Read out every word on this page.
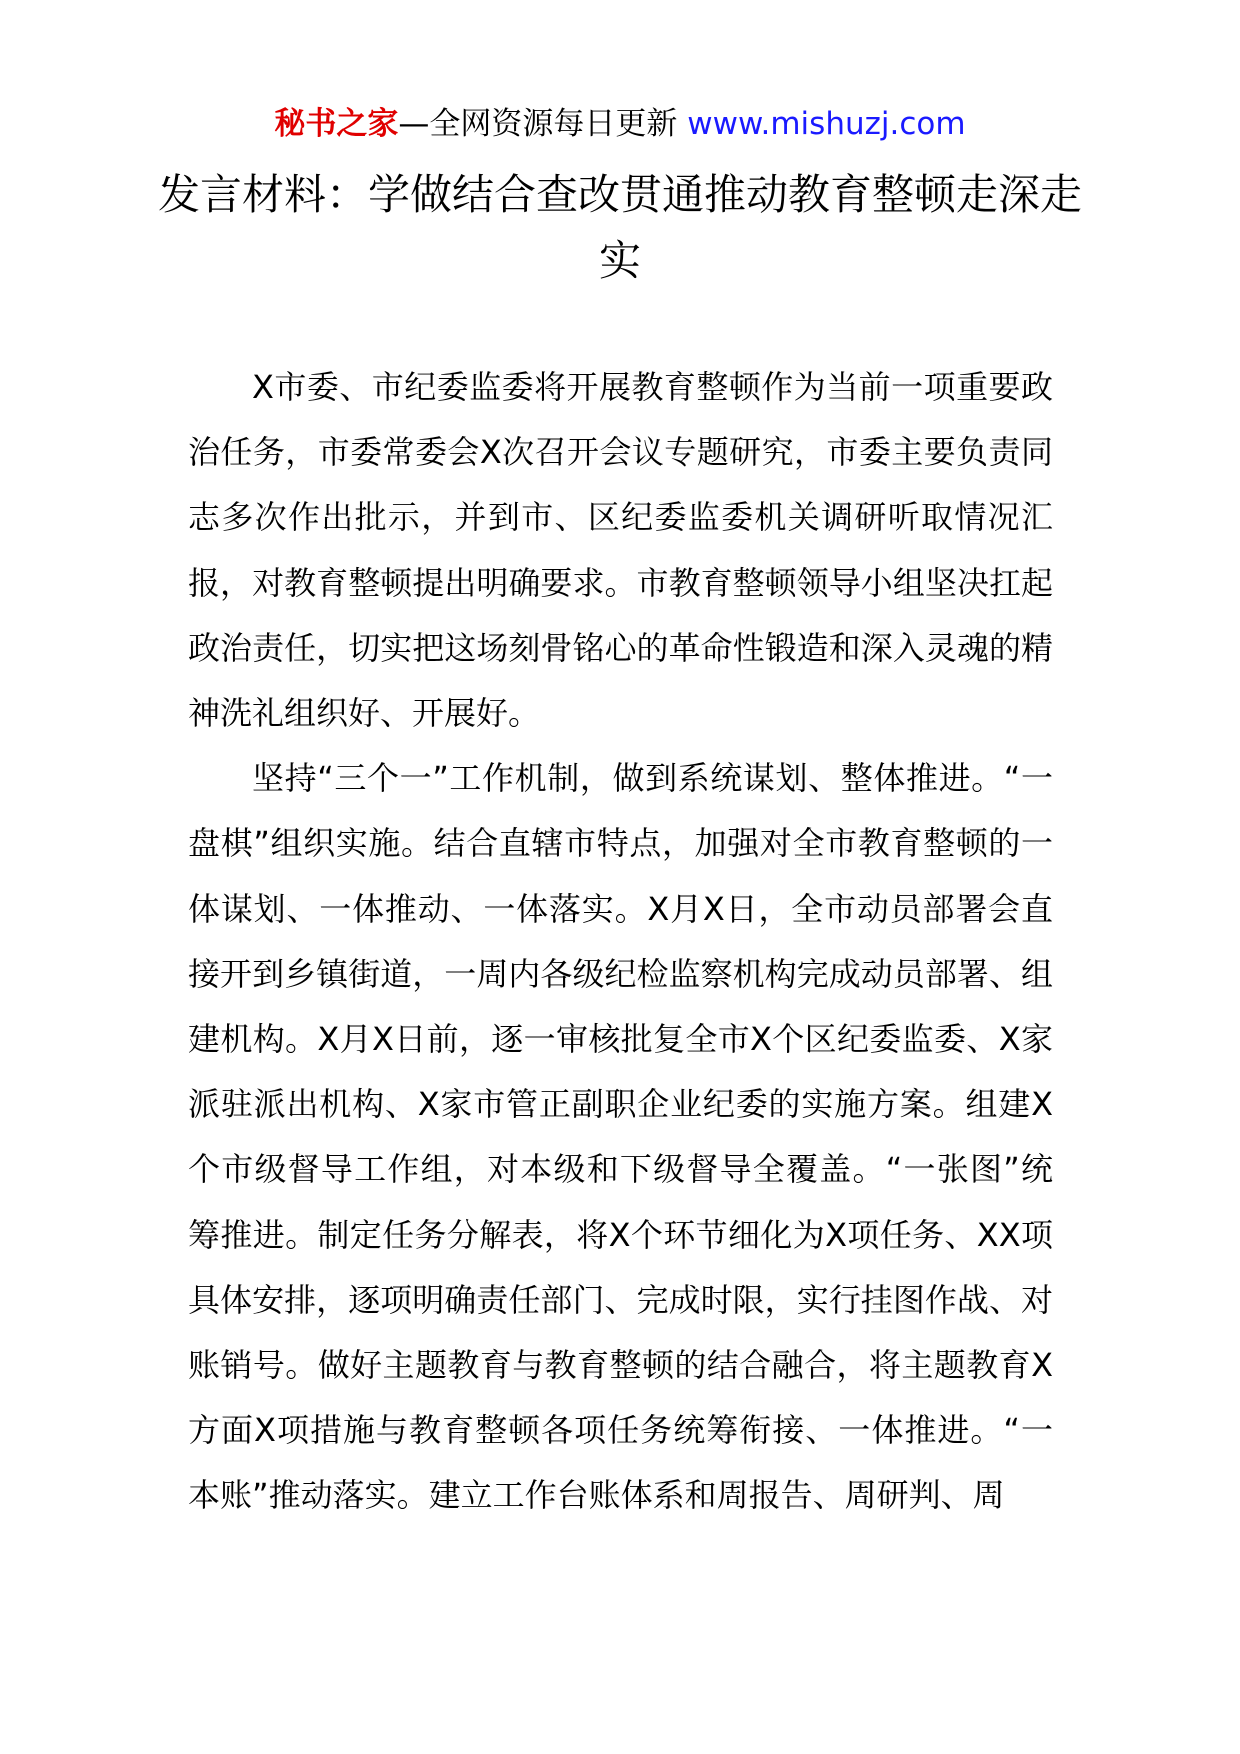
秘书之家—全网资源每日更新 www.mishuzj.com
发言材料：学做结合查改贯通推动教育整顿走深走实

X市委、市纪委监委将开展教育整顿作为当前一项重要政治任务，市委常委会X次召开会议专题研究，市委主要负责同志多次作出批示，并到市、区纪委监委机关调研听取情况汇报，对教育整顿提出明确要求。市教育整顿领导小组坚决扛起政治责任，切实把这场刻骨铭心的革命性锻造和深入灵魂的精神洗礼组织好、开展好。

坚持“三个一”工作机制，做到系统谋划、整体推进。“一盘棋”组织实施。结合直辖市特点，加强对全市教育整顿的一体谋划、一体推动、一体落实。X月X日，全市动员部署会直接开到乡镇街道，一周内各级纪检监察机构完成动员部署、组建机构。X月X日前，逐一审核批复全市X个区纪委监委、X家派驻派出机构、X家市管正副职企业纪委的实施方案。组建X个市级督导工作组，对本级和下级督导全覆盖。“一张图”统筹推进。制定任务分解表，将X个环节细化为X项任务、XX项具体安排，逐项明确责任部门、完成时限，实行挂图作战、对账销号。做好主题教育与教育整顿的结合融合，将主题教育X方面X项措施与教育整顿各项任务统筹衔接、一体推进。“一本账”推动落实。建立工作台账体系和周报告、周研判、周
